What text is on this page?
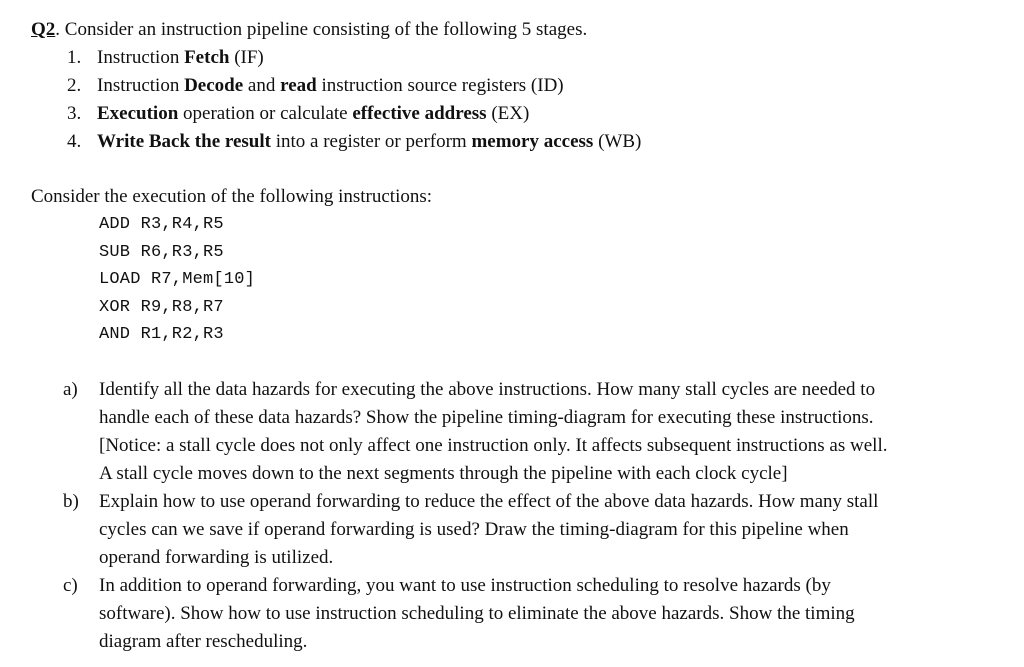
Q2. Consider an instruction pipeline consisting of the following 5 stages.
1. Instruction Fetch (IF)
2. Instruction Decode and read instruction source registers (ID)
3. Execution operation or calculate effective address (EX)
4. Write Back the result into a register or perform memory access (WB)
Consider the execution of the following instructions:
ADD R3,R4,R5
SUB R6,R3,R5
LOAD R7,Mem[10]
XOR R9,R8,R7
AND R1,R2,R3
a) Identify all the data hazards for executing the above instructions. How many stall cycles are needed to
handle each of these data hazards? Show the pipeline timing-diagram for executing these instructions.
[Notice: a stall cycle does not only affect one instruction only. It affects subsequent instructions as well.
A stall cycle moves down to the next segments through the pipeline with each clock cycle]
b) Explain how to use operand forwarding to reduce the effect of the above data hazards. How many stall
cycles can we save if operand forwarding is used? Draw the timing-diagram for this pipeline when
operand forwarding is utilized.
c) In addition to operand forwarding, you want to use instruction scheduling to resolve hazards (by
software). Show how to use instruction scheduling to eliminate the above hazards. Show the timing
diagram after rescheduling.
